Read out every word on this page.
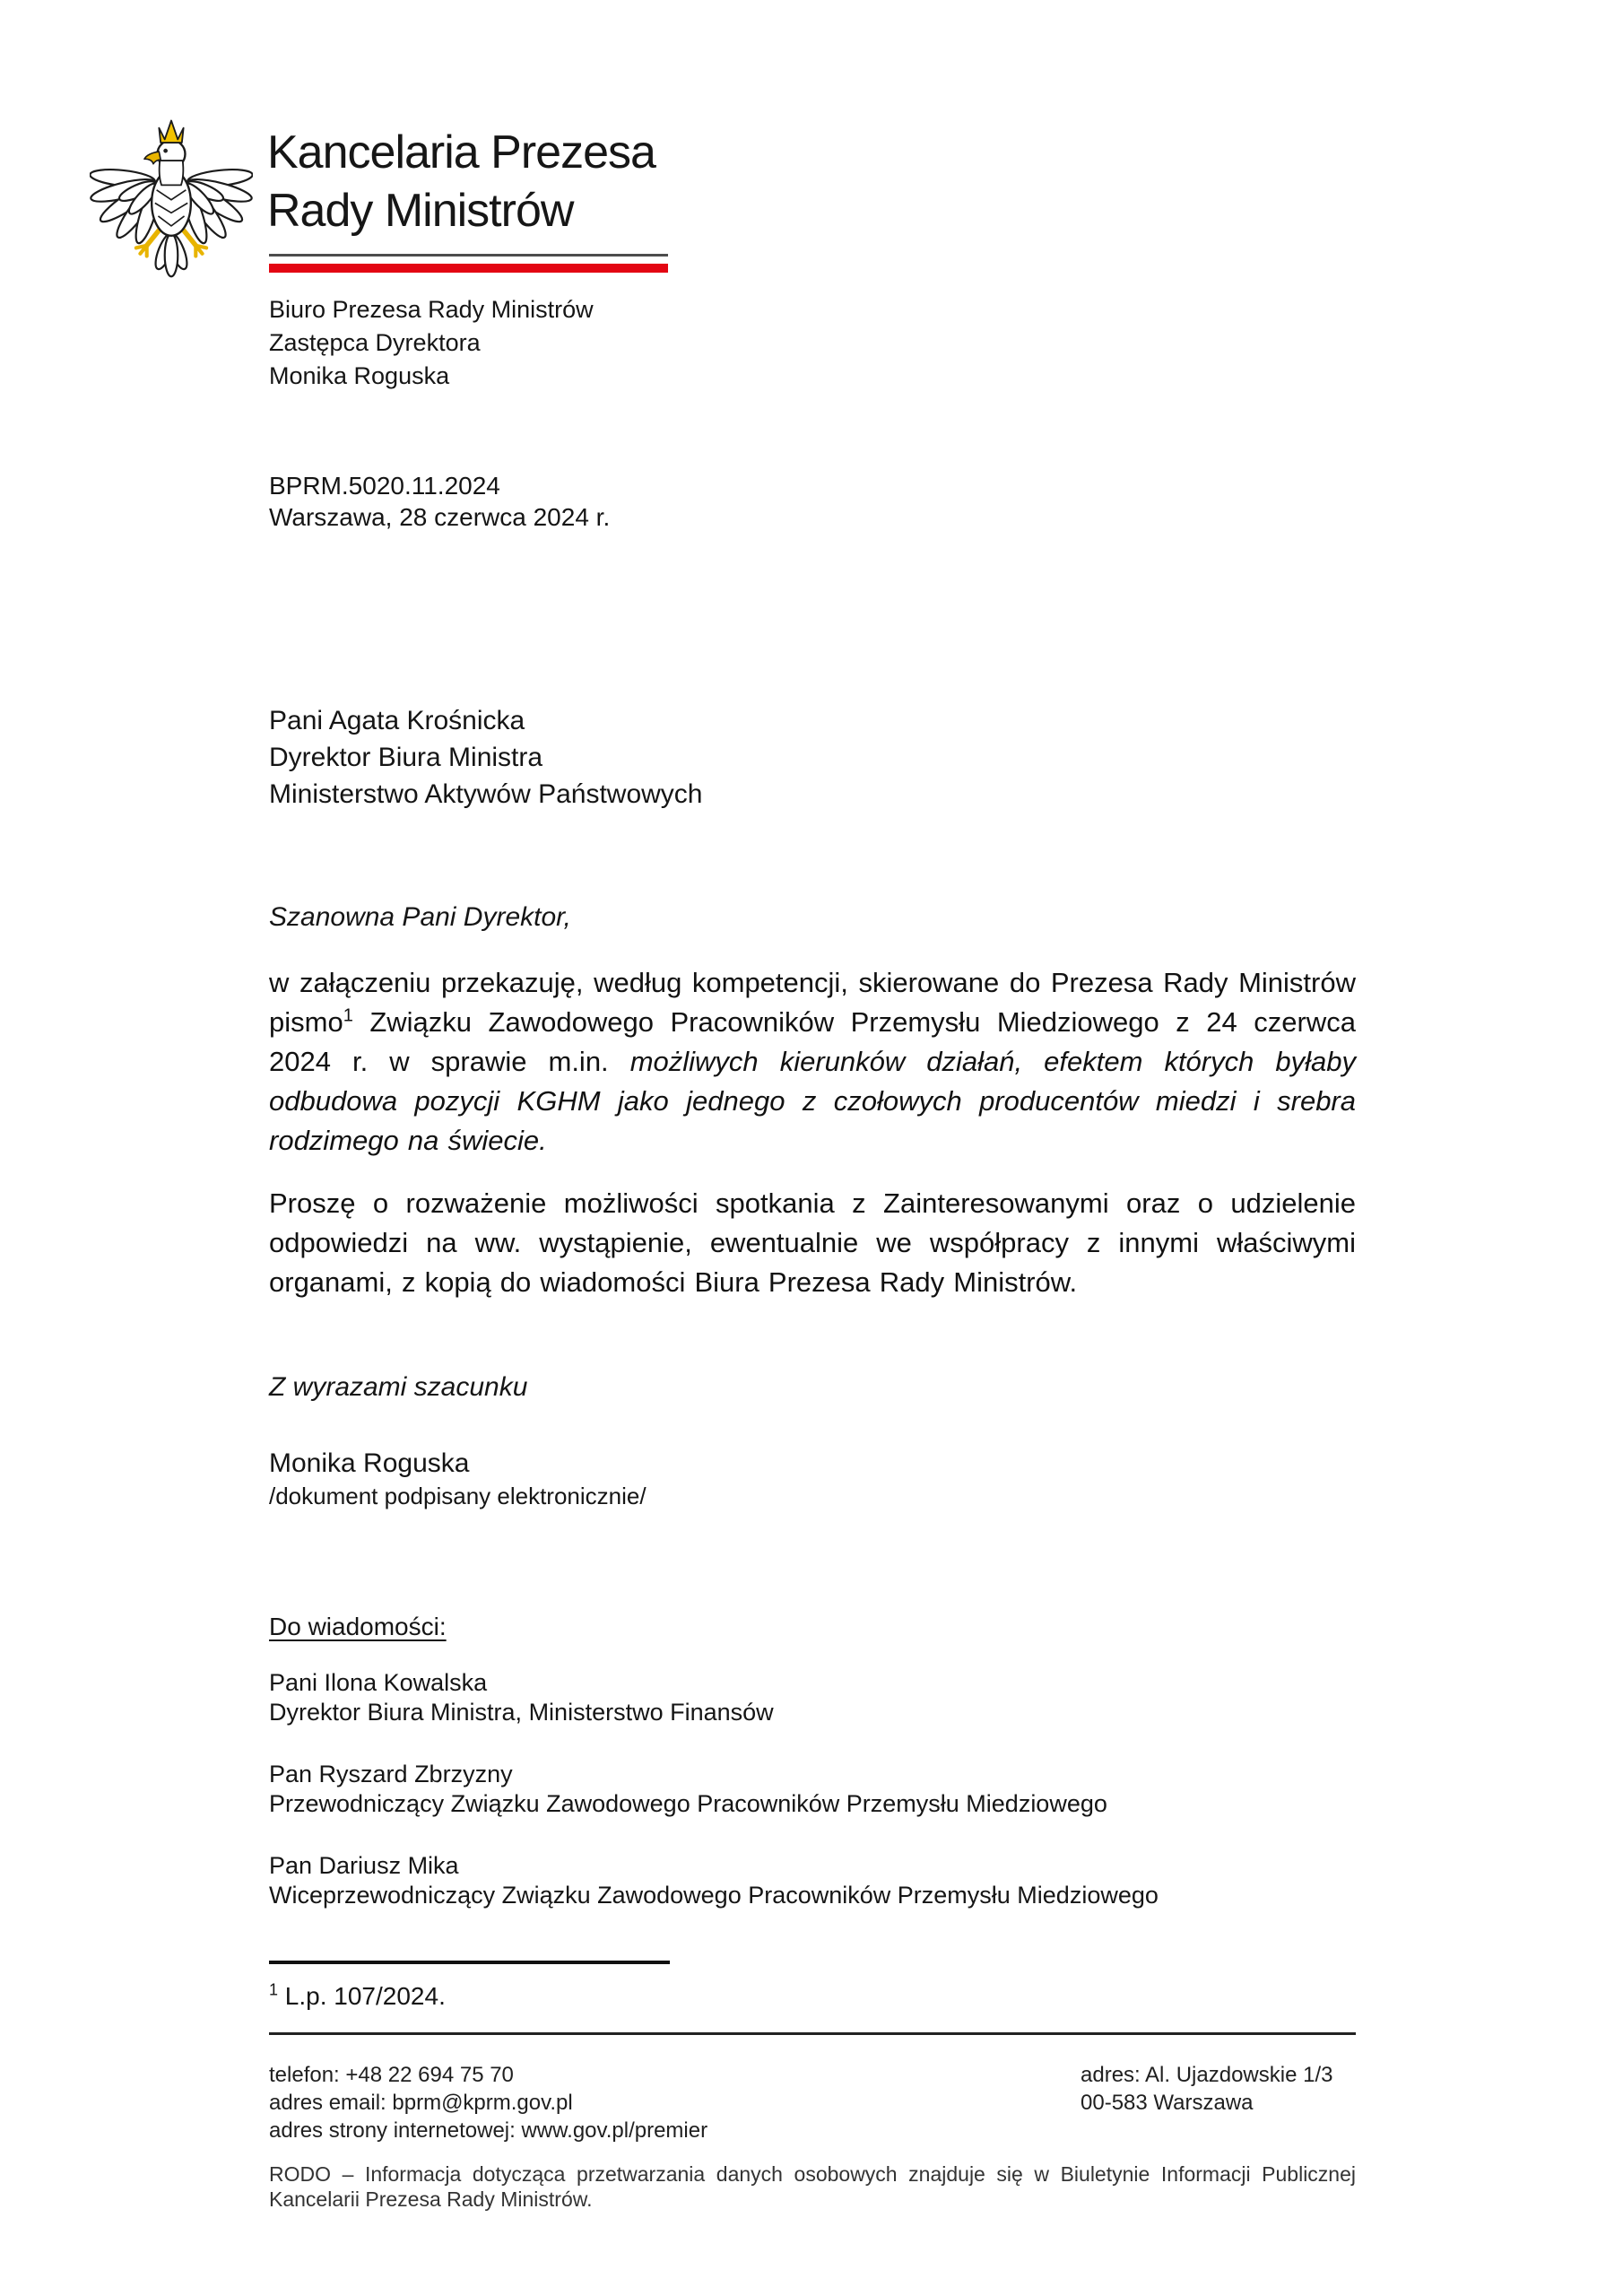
Kancelaria Prezesa
Rady Ministrów
Biuro Prezesa Rady Ministrów
Zastępca Dyrektora
Monika Roguska
BPRM.5020.11.2024
Warszawa, 28 czerwca 2024 r.
Pani Agata Krośnicka
Dyrektor Biura Ministra
Ministerstwo Aktywów Państwowych
Szanowna Pani Dyrektor,
w załączeniu przekazuję, według kompetencji, skierowane do Prezesa Rady Ministrów pismo$^1$ Związku Zawodowego Pracowników Przemysłu Miedziowego z 24 czerwca 2024 r. w sprawie m.in. możliwych kierunków działań, efektem których byłaby odbudowa pozycji KGHM jako jednego z czołowych producentów miedzi i srebra rodzimego na świecie.
Proszę o rozważenie możliwości spotkania z Zainteresowanymi oraz o udzielenie odpowiedzi na ww. wystąpienie, ewentualnie we współpracy z innymi właściwymi organami, z kopią do wiadomości Biura Prezesa Rady Ministrów.
Z wyrazami szacunku
Monika Roguska
/dokument podpisany elektronicznie/

Do wiadomości:

Pani Ilona Kowalska

Dyrektor Biura Ministra, Ministerstwo Finansów

Pan Ryszard Zbrzyzny

Przewodniczący Związku Zawodowego Pracowników Przemysłu Miedziowego

Pan Dariusz Mika

Wiceprzewodniczący Związku Zawodowego Pracowników Przemysłu Miedziowego

$^1$ L.p. 107/2024.
telefon: +48 22 694 75 70
adres email: bprm@kprm.gov.pl
adres strony internetowej: www.gov.pl/premier
adres: Al. Ujazdowskie 1/3
00-583 Warszawa
RODO – Informacja dotycząca przetwarzania danych osobowych znajduje się w Biuletynie Informacji Publicznej Kancelarii Prezesa Rady Ministrów.
